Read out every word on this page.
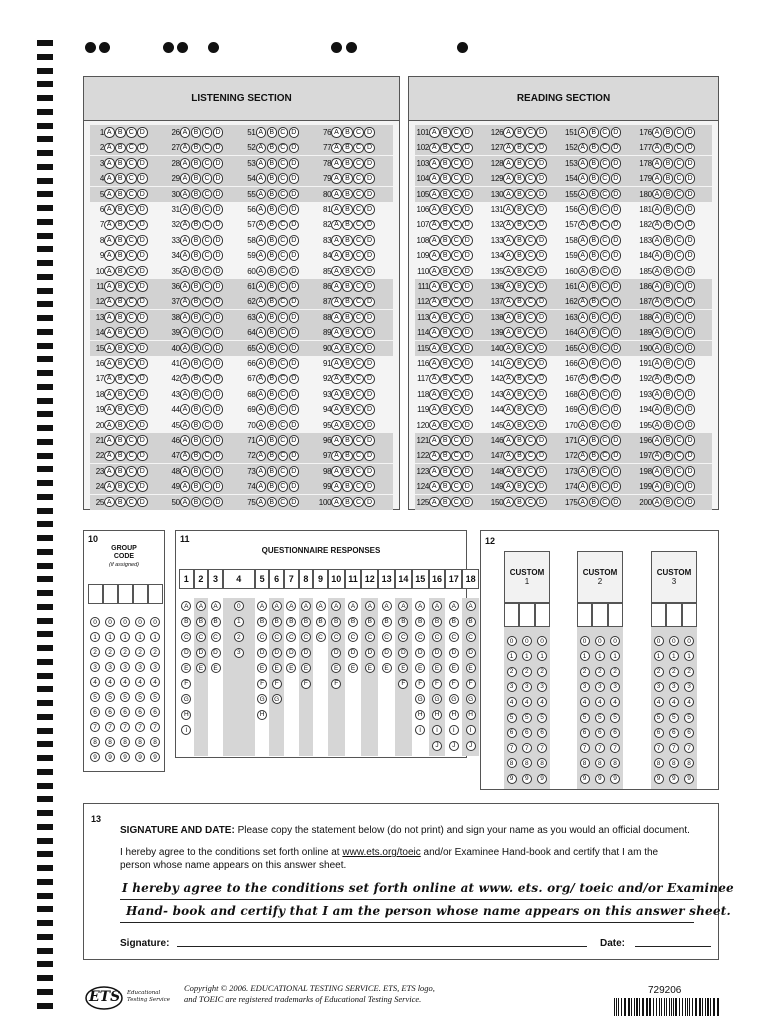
LISTENING SECTION
1 A B C D	26 A B C D	51 A B C D	76 A B C D
2 A B C D	27 A B C D	52 A B C D	77 A B C D
3 A B C D	28 A B C D	53 A B C D	78 A B C D
4 A B C D	29 A B C D	54 A B C D	79 A B C D
5 A B C D	30 A B C D	55 A B C D	80 A B C D
6 A B C D	31 A B C D	56 A B C D	81 A B C D
7 A B C D	32 A B C D	57 A B C D	82 A B C D
8 A B C D	33 A B C D	58 A B C D	83 A B C D
9 A B C D	34 A B C D	59 A B C D	84 A B C D
10 A B C D	35 A B C D	60 A B C D	85 A B C D
11 A B C D	36 A B C D	61 A B C D	86 A B C D
12 A B C D	37 A B C D	62 A B C D	87 A B C D
13 A B C D	38 A B C D	63 A B C D	88 A B C D
14 A B C D	39 A B C D	64 A B C D	89 A B C D
15 A B C D	40 A B C D	65 A B C D	90 A B C D
16 A B C D	41 A B C D	66 A B C D	91 A B C D
17 A B C D	42 A B C D	67 A B C D	92 A B C D
18 A B C D	43 A B C D	68 A B C D	93 A B C D
19 A B C D	44 A B C D	69 A B C D	94 A B C D
20 A B C D	45 A B C D	70 A B C D	95 A B C D
21 A B C D	46 A B C D	71 A B C D	96 A B C D
22 A B C D	47 A B C D	72 A B C D	97 A B C D
23 A B C D	48 A B C D	73 A B C D	98 A B C D
24 A B C D	49 A B C D	74 A B C D	99 A B C D
25 A B C D	50 A B C D	75 A B C D	100 A B C D
READING SECTION
101 A B C D	126 A B C D	151 A B C D	176 A B C D
102 A B C D	127 A B C D	152 A B C D	177 A B C D
103 A B C D	128 A B C D	153 A B C D	178 A B C D
104 A B C D	129 A B C D	154 A B C D	179 A B C D
105 A B C D	130 A B C D	155 A B C D	180 A B C D
106 A B C D	131 A B C D	156 A B C D	181 A B C D
107 A B C D	132 A B C D	157 A B C D	182 A B C D
108 A B C D	133 A B C D	158 A B C D	183 A B C D
109 A B C D	134 A B C D	159 A B C D	184 A B C D
110 A B C D	135 A B C D	160 A B C D	185 A B C D
111 A B C D	136 A B C D	161 A B C D	186 A B C D
112 A B C D	137 A B C D	162 A B C D	187 A B C D
113 A B C D	138 A B C D	163 A B C D	188 A B C D
114 A B C D	139 A B C D	164 A B C D	189 A B C D
115 A B C D	140 A B C D	165 A B C D	190 A B C D
116 A B C D	141 A B C D	166 A B C D	191 A B C D
117 A B C D	142 A B C D	167 A B C D	192 A B C D
118 A B C D	143 A B C D	168 A B C D	193 A B C D
119 A B C D	144 A B C D	169 A B C D	194 A B C D
120 A B C D	145 A B C D	170 A B C D	195 A B C D
121 A B C D	146 A B C D	171 A B C D	196 A B C D
122 A B C D	147 A B C D	172 A B C D	197 A B C D
123 A B C D	148 A B C D	173 A B C D	198 A B C D
124 A B C D	149 A B C D	174 A B C D	199 A B C D
125 A B C D	150 A B C D	175 A B C D	200 A B C D
10
GROUP
CODE
(if assigned)
0
1
2
3
4
5
6
7
8
9
0
1
2
3
4
5
6
7
8
9
0
1
2
3
4
5
6
7
8
9
0
1
2
3
4
5
6
7
8
9
0
1
2
3
4
5
6
7
8
9
11
QUESTIONNAIRE RESPONSES
1
A
B
C
D
E
F
G
H
I
2
A
B
C
D
E
3
A
B
C
D
E
4
0
1
2
3
5
A
B
C
D
E
F
G
H
6
A
B
C
D
E
F
G
7
A
B
C
D
E
8
A
B
C
D
E
F
9
A
B
C
10
A
B
C
D
E
F
11
A
B
C
D
E
12
A
B
C
D
E
13
A
B
C
D
E
14
A
B
C
D
E
F
15
A
B
C
D
E
F
G
H
I
16
A
B
C
D
E
F
G
H
I
J
17
A
B
C
D
E
F
G
H
I
J
18
A
B
C
D
E
F
G
H
I
J
12
CUSTOM
1
0
1
2
3
4
5
6
7
8
9
0
1
2
3
4
5
6
7
8
9
0
1
2
3
4
5
6
7
8
9
CUSTOM
2
0
1
2
3
4
5
6
7
8
9
0
1
2
3
4
5
6
7
8
9
0
1
2
3
4
5
6
7
8
9
CUSTOM
3
0
1
2
3
4
5
6
7
8
9
0
1
2
3
4
5
6
7
8
9
0
1
2
3
4
5
6
7
8
9
13
SIGNATURE AND DATE: Please copy the statement below (do not print) and sign your name as you would an official document.
I hereby agree to the conditions set forth online at www.ets.org/toeic and/or Examinee Hand-book and certify that I am the
person whose name appears on this answer sheet.
I hereby agree to the conditions set forth online at www. ets. org/ toeic and/or Examinee
Hand- book and certify that I am the person whose name appears on this answer sheet.
Signature:	Date:
ETS Educational
Testing Service
Copyright © 2006. EDUCATIONAL TESTING SERVICE. ETS, ETS logo,
and TOEIC are registered trademarks of Educational Testing Service.
729206
